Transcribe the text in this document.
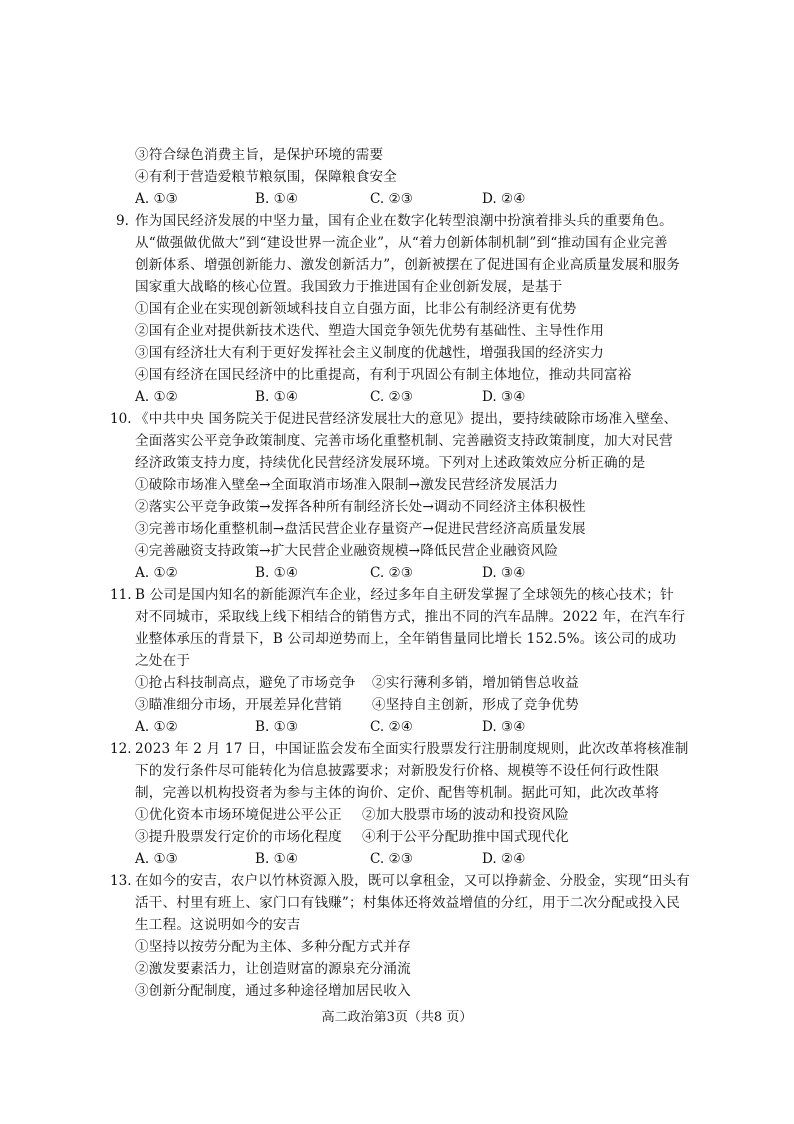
③符合绿色消费主旨，是保护环境的需要
④有利于营造爱粮节粮氛围，保障粮食安全
A. ①③	B. ①④	C. ②③	D. ②④
9. 作为国民经济发展的中坚力量，国有企业在数字化转型浪潮中扮演着排头兵的重要角色。
从“做强做优做大”到“建设世界一流企业”，从“着力创新体制机制”到“推动国有企业完善
创新体系、增强创新能力、激发创新活力”，创新被摆在了促进国有企业高质量发展和服务
国家重大战略的核心位置。我国致力于推进国有企业创新发展，是基于
①国有企业在实现创新领域科技自立自强方面，比非公有制经济更有优势
②国有企业对提供新技术迭代、塑造大国竞争领先优势有基础性、主导性作用
③国有经济壮大有利于更好发挥社会主义制度的优越性，增强我国的经济实力
④国有经济在国民经济中的比重提高，有利于巩固公有制主体地位，推动共同富裕
A. ①②	B. ①④	C. ②③	D. ③④
10. 《中共中央 国务院关于促进民营经济发展壮大的意见》提出，要持续破除市场准入壁垒、
全面落实公平竞争政策制度、完善市场化重整机制、完善融资支持政策制度，加大对民营
经济政策支持力度，持续优化民营经济发展环境。下列对上述政策效应分析正确的是
①破除市场准入壁垒→全面取消市场准入限制→激发民营经济发展活力
②落实公平竞争政策→发挥各种所有制经济长处→调动不同经济主体积极性
③完善市场化重整机制→盘活民营企业存量资产→促进民营经济高质量发展
④完善融资支持政策→扩大民营企业融资规模→降低民营企业融资风险
A. ①②	B. ①④	C. ②③	D. ③④
11. B 公司是国内知名的新能源汽车企业，经过多年自主研发掌握了全球领先的核心技术；针
对不同城市，采取线上线下相结合的销售方式，推出不同的汽车品牌。2022 年，在汽车行
业整体承压的背景下，B 公司却逆势而上，全年销售量同比增长 152.5%。该公司的成功
之处在于
①抢占科技制高点，避免了市场竞争 ②实行薄利多销，增加销售总收益
③瞄准细分市场，开展差异化营销 ④坚持自主创新，形成了竞争优势
A. ①②	B. ①③	C. ②④	D. ③④
12. 2023 年 2 月 17 日，中国证监会发布全面实行股票发行注册制度规则，此次改革将核准制
下的发行条件尽可能转化为信息披露要求；对新股发行价格、规模等不设任何行政性限
制，完善以机构投资者为参与主体的询价、定价、配售等机制。据此可知，此次改革将
①优化资本市场环境促进公平公正 ②加大股票市场的波动和投资风险
③提升股票发行定价的市场化程度 ④利于公平分配助推中国式现代化
A. ①③	B. ①④	C. ②③	D. ②④
13. 在如今的安吉，农户以竹林资源入股，既可以拿租金，又可以挣薪金、分股金，实现“田头有
活干、村里有班上、家门口有钱赚”；村集体还将效益增值的分红，用于二次分配或投入民
生工程。这说明如今的安吉
①坚持以按劳分配为主体、多种分配方式并存
②激发要素活力，让创造财富的源泉充分涌流
③创新分配制度，通过多种途径增加居民收入
高二政治第3页（共8 页）
